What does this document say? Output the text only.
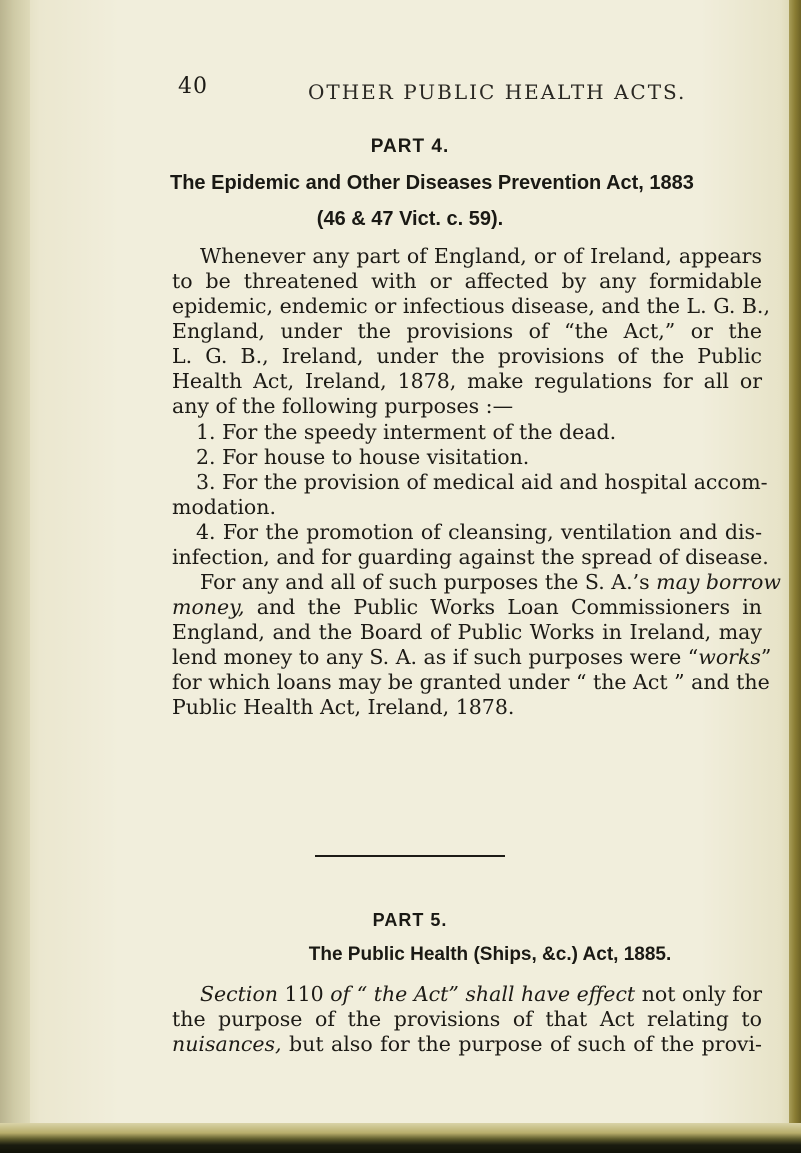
40	OTHER PUBLIC HEALTH ACTS.
PART 4.
The Epidemic and Other Diseases Prevention Act, 1883
(46 & 47 Vict. c. 59).
Whenever any part of England, or of Ireland, appears
to be threatened with or affected by any formidable
epidemic, endemic or infectious disease, and the L. G. B.,
England, under the provisions of “the Act,” or the
L. G. B., Ireland, under the provisions of the Public
Health Act, Ireland, 1878, make regulations for all or
any of the following purposes :—
1. For the speedy interment of the dead.
2. For house to house visitation.
3. For the provision of medical aid and hospital accom-
modation.
4. For the promotion of cleansing, ventilation and dis-
infection, and for guarding against the spread of disease.
For any and all of such purposes the S. A.’s may borrow
money, and the Public Works Loan Commissioners in
England, and the Board of Public Works in Ireland, may
lend money to any S. A. as if such purposes were “works”
for which loans may be granted under “ the Act ” and the
Public Health Act, Ireland, 1878.
PART 5.
The Public Health (Ships, &c.) Act, 1885.
Section 110 of “ the Act” shall have effect not only for
the purpose of the provisions of that Act relating to
nuisances, but also for the purpose of such of the provi-
